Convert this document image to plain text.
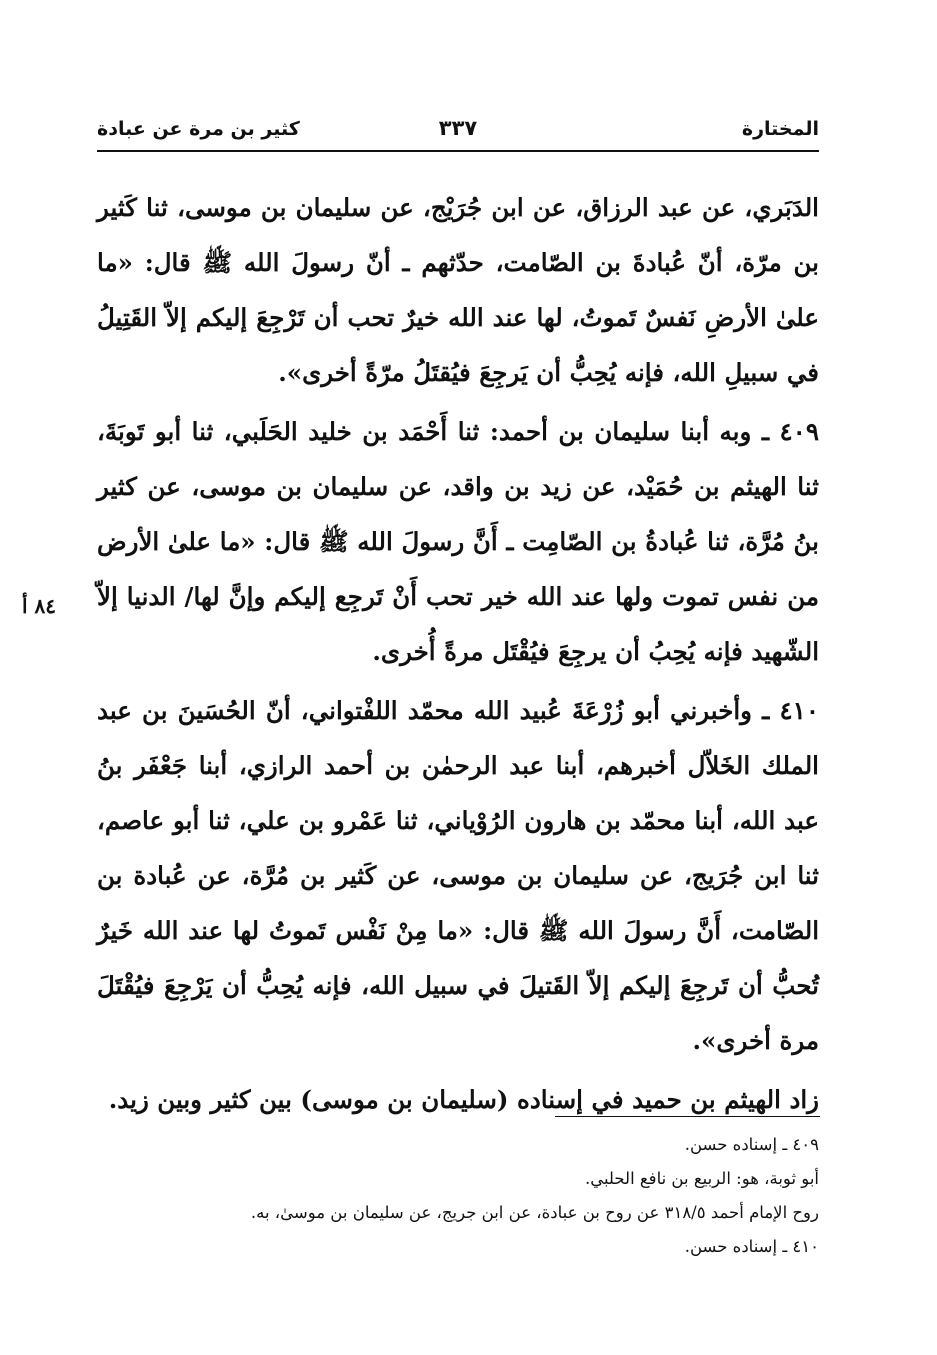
المختارة
٣٣٧
كثير بن مرة عن عبادة

الدَبَري، عن عبد الرزاق، عن ابن جُرَيْج، عن سليمان بن موسى، ثنا كَثير بن مرّة، أنّ عُبادةَ بن الصّامت، حدّثهم ـ أنّ رسولَ الله ﷺ قال: «ما علىٰ الأرضِ نَفسٌ تَموتُ، لها عند الله خيرٌ تحب أن تَرْجِعَ إليكم إلاّ القَتِيلُ في سبيلِ الله، فإنه يُحِبُّ أن يَرجِعَ فيُقتَلُ مرّةً أخرى».

٤٠٩ ـ وبه أبنا سليمان بن أحمد: ثنا أَحْمَد بن خليد الحَلَبي، ثنا أبو تَوبَةَ، ثنا الهيثم بن حُمَيْد، عن زيد بن واقد، عن سليمان بن موسى، عن كثير بنُ مُرَّة، ثنا عُبادةُ بن الصّامِت ـ أَنَّ رسولَ الله ﷺ قال: «ما علىٰ الأرض من نفس تموت ولها عند الله خير تحب أَنْ تَرجِع إليكم وإنَّ لها/ الدنيا إلاّ الشّهيد فإنه يُحِبُ أن يرجِعَ فيُقْتَل مرةً أُخرى.

٤١٠ ـ وأخبرني أبو زُرْعَةَ عُبيد الله محمّد اللفْتواني، أنّ الحُسَينَ بن عبد الملك الخَلاّل أخبرهم، أبنا عبد الرحمٰن بن أحمد الرازي، أبنا جَعْفَر بنُ عبد الله، أبنا محمّد بن هارون الرُوْياني، ثنا عَمْرو بن علي، ثنا أبو عاصم، ثنا ابن جُرَيج، عن سليمان بن موسى، عن كَثير بن مُرَّة، عن عُبادة بن الصّامت، أَنَّ رسولَ الله ﷺ قال: «ما مِنْ نَفْس تَموتُ لها عند الله خَيرٌ تُحبُّ أن تَرجِعَ إليكم إلاّ القَتيلَ في سبيل الله، فإنه يُحِبُّ أن يَرْجِعَ فيُقْتَلَ مرة أخرى».

زاد الهيثم بن حميد في إسناده (سليمان بن موسى) بين كثير وبين زيد.

٨٤ أ

٤٠٩ ـ إسناده حسن.

أبو ثوبة، هو: الربيع بن نافع الحلبي.

روح الإمام أحمد ٣١٨/٥ عن روح بن عبادة، عن ابن جريج، عن سليمان بن موسىٰ، به.

٤١٠ ـ إسناده حسن.
